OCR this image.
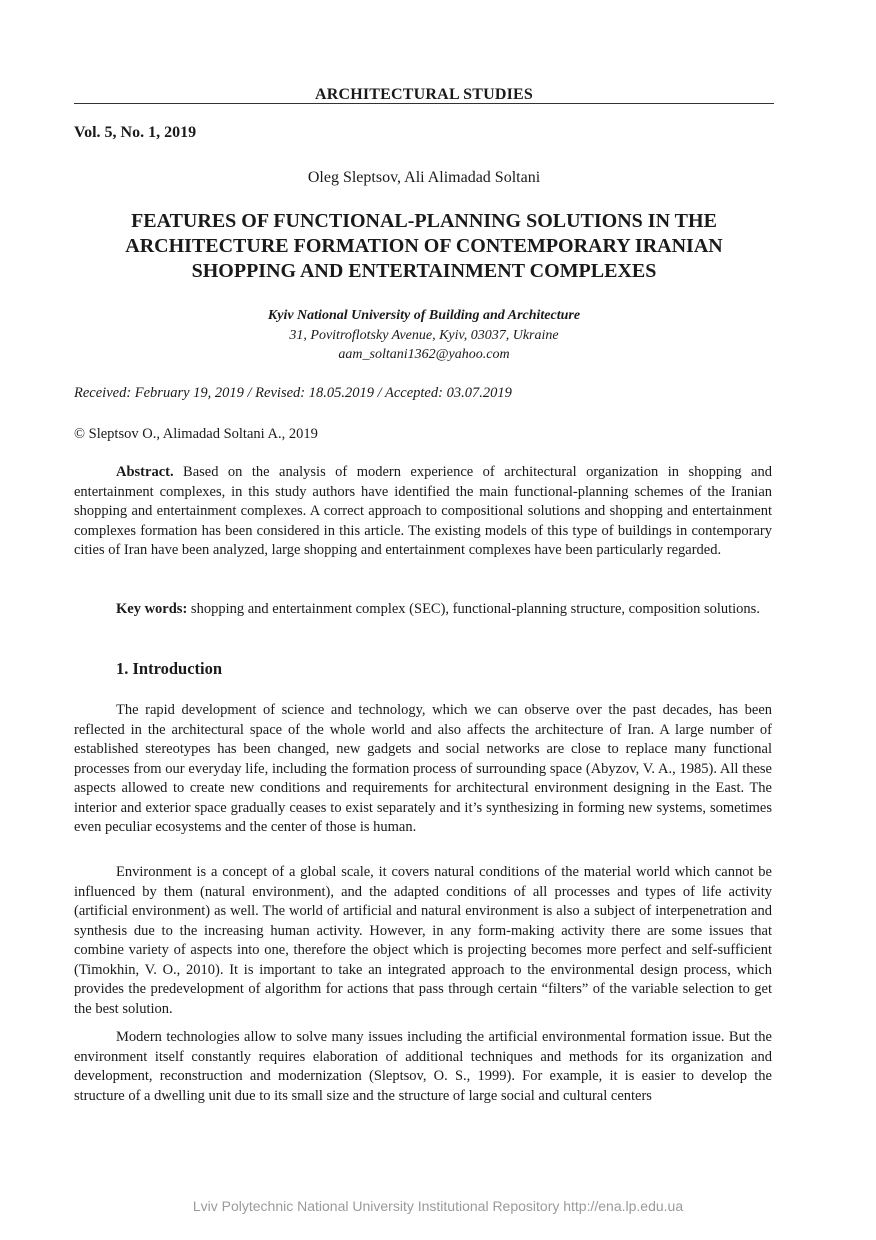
ARCHITECTURAL STUDIES
Vol. 5, No. 1, 2019
Oleg Sleptsov, Ali Alimadad Soltani
FEATURES OF FUNCTIONAL-PLANNING SOLUTIONS IN THE
ARCHITECTURE FORMATION OF CONTEMPORARY IRANIAN
SHOPPING AND ENTERTAINMENT COMPLEXES
Kyiv National University of Building and Architecture
31, Povitroflotsky Avenue, Kyiv, 03037, Ukraine
aam_soltani1362@yahoo.com
Received: February 19, 2019 / Revised: 18.05.2019 / Accepted: 03.07.2019
© Sleptsov O., Alimadad Soltani A., 2019

Abstract. Based on the analysis of modern experience of architectural organization in shopping and entertainment complexes, in this study authors have identified the main functional-planning schemes of the Iranian shopping and entertainment complexes. A correct approach to compositional solutions and shopping and entertainment complexes formation has been considered in this article. The existing models of this type of buildings in contemporary cities of Iran have been analyzed, large shopping and entertainment complexes have been particularly regarded.

Key words: shopping and entertainment complex (SEC), functional-planning structure, composition solutions.

1. Introduction

The rapid development of science and technology, which we can observe over the past decades, has been reflected in the architectural space of the whole world and also affects the architecture of Iran. A large number of established stereotypes has been changed, new gadgets and social networks are close to replace many functional processes from our everyday life, including the formation process of surrounding space (Abyzov, V. A., 1985). All these aspects allowed to create new conditions and requirements for architectural environment designing in the East. The interior and exterior space gradually ceases to exist separately and it’s synthesizing in forming new systems, sometimes even peculiar ecosystems and the center of those is human.

Environment is a concept of a global scale, it covers natural conditions of the material world which cannot be influenced by them (natural environment), and the adapted conditions of all processes and types of life activity (artificial environment) as well. The world of artificial and natural environment is also a subject of interpenetration and synthesis due to the increasing human activity. However, in any form-making activity there are some issues that combine variety of aspects into one, therefore the object which is projecting becomes more perfect and self-sufficient (Timokhin, V. O., 2010). It is important to take an integrated approach to the environmental design process, which provides the predevelopment of algorithm for actions that pass through certain “filters” of the variable selection to get the best solution.

Modern technologies allow to solve many issues including the artificial environmental formation issue. But the environment itself constantly requires elaboration of additional techniques and methods for its organization and development, reconstruction and modernization (Sleptsov, O. S., 1999). For example, it is easier to develop the structure of a dwelling unit due to its small size and the structure of large social and cultural centers

Lviv Polytechnic National University Institutional Repository http://ena.lp.edu.ua
